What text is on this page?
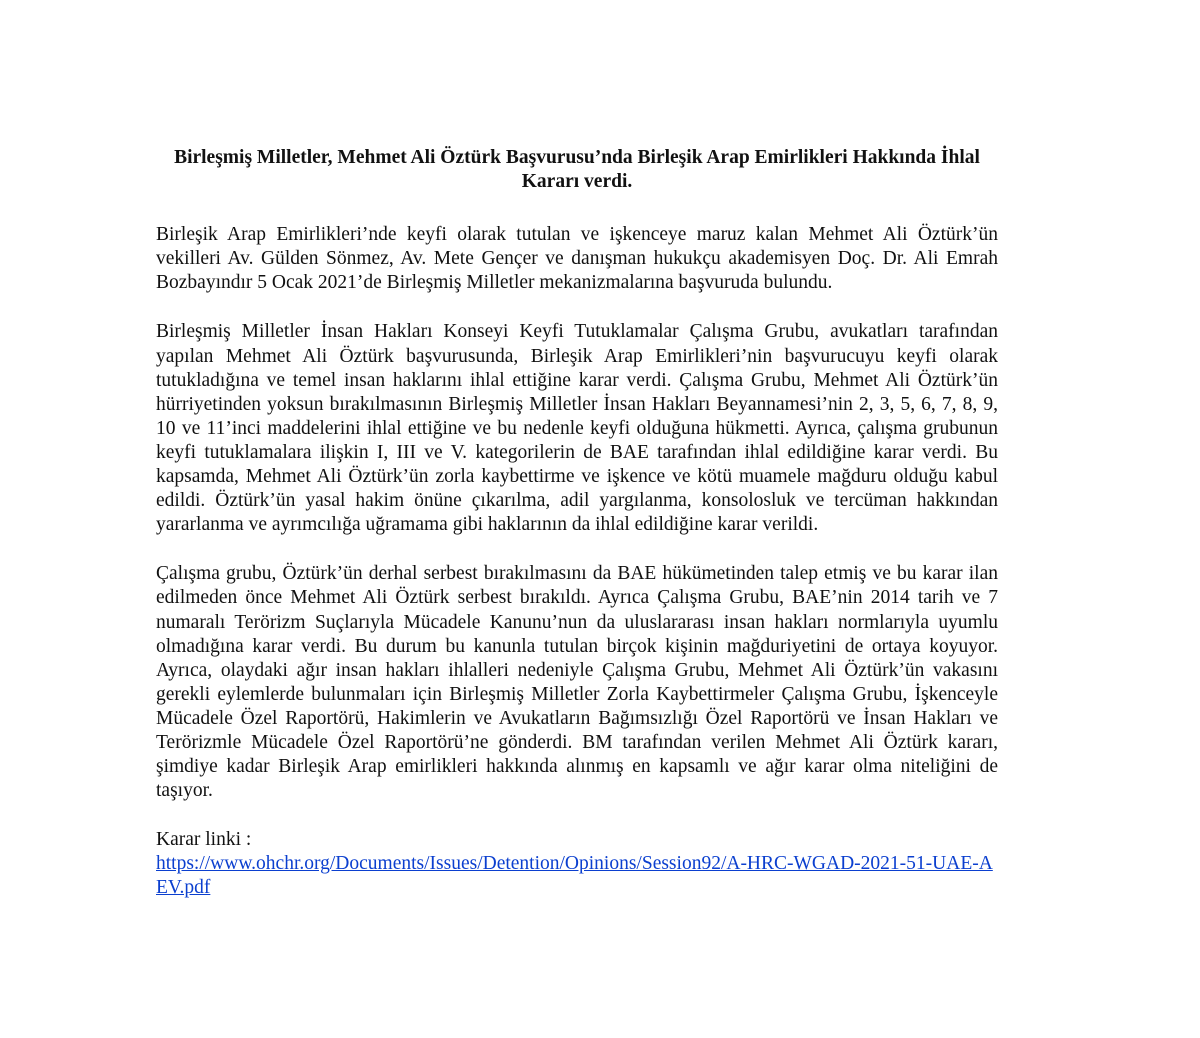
Birleşmiş Milletler, Mehmet Ali Öztürk Başvurusu’nda Birleşik Arap Emirlikleri Hakkında İhlal Kararı verdi.

Birleşik Arap Emirlikleri’nde keyfi olarak tutulan ve işkenceye maruz kalan Mehmet Ali Öztürk’ün vekilleri Av. Gülden Sönmez, Av. Mete Gençer ve danışman hukukçu akademisyen Doç. Dr. Ali Emrah Bozbayındır 5 Ocak 2021’de Birleşmiş Milletler mekanizmalarına başvuruda bulundu.

Birleşmiş Milletler İnsan Hakları Konseyi Keyfi Tutuklamalar Çalışma Grubu, avukatları tarafından yapılan Mehmet Ali Öztürk başvurusunda, Birleşik Arap Emirlikleri’nin başvurucuyu keyfi olarak tutukladığına ve temel insan haklarını ihlal ettiğine karar verdi. Çalışma Grubu, Mehmet Ali Öztürk’ün hürriyetinden yoksun bırakılmasının Birleşmiş Milletler İnsan Hakları Beyannamesi’nin 2, 3, 5, 6, 7, 8, 9, 10 ve 11’inci maddelerini ihlal ettiğine ve bu nedenle keyfi olduğuna hükmetti. Ayrıca, çalışma grubunun keyfi tutuklamalara ilişkin I, III ve V. kategorilerin de BAE tarafından ihlal edildiğine karar verdi. Bu kapsamda, Mehmet Ali Öztürk’ün zorla kaybettirme ve işkence ve kötü muamele mağduru olduğu kabul edildi. Öztürk’ün yasal hakim önüne çıkarılma, adil yargılanma, konsolosluk ve tercüman hakkından yararlanma ve ayrımcılığa uğramama gibi haklarının da ihlal edildiğine karar verildi.

Çalışma grubu, Öztürk’ün derhal serbest bırakılmasını da BAE hükümetinden talep etmiş ve bu karar ilan edilmeden önce Mehmet Ali Öztürk serbest bırakıldı. Ayrıca Çalışma Grubu, BAE’nin 2014 tarih ve 7 numaralı Terörizm Suçlarıyla Mücadele Kanunu’nun da uluslararası insan hakları normlarıyla uyumlu olmadığına karar verdi. Bu durum bu kanunla tutulan birçok kişinin mağduriyetini de ortaya koyuyor. Ayrıca, olaydaki ağır insan hakları ihlalleri nedeniyle Çalışma Grubu, Mehmet Ali Öztürk’ün vakasını gerekli eylemlerde bulunmaları için Birleşmiş Milletler Zorla Kaybettirmeler Çalışma Grubu, İşkenceyle Mücadele Özel Raportörü, Hakimlerin ve Avukatların Bağımsızlığı Özel Raportörü ve İnsan Hakları ve Terörizmle Mücadele Özel Raportörü’ne gönderdi. BM tarafından verilen Mehmet Ali Öztürk kararı, şimdiye kadar Birleşik Arap emirlikleri hakkında alınmış en kapsamlı ve ağır karar olma niteliğini de taşıyor.

Karar linki :
https://www.ohchr.org/Documents/Issues/Detention/Opinions/Session92/A-HRC-WGAD-2021-51-UAE-AEV.pdf
